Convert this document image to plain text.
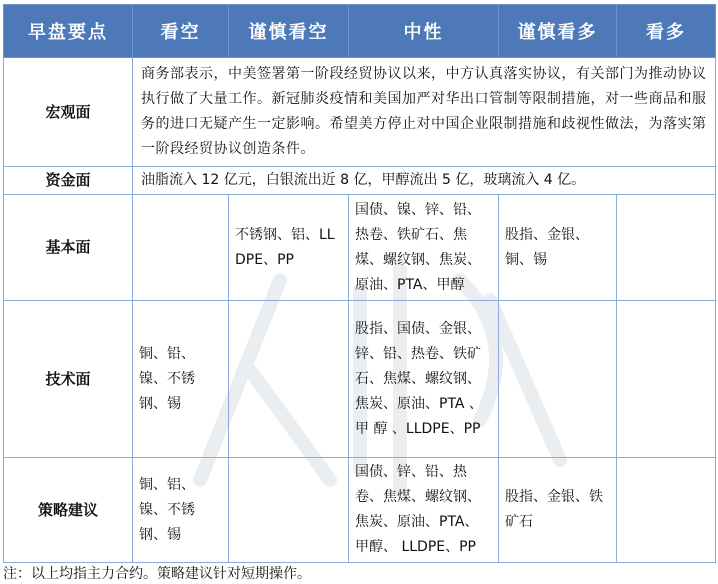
早盘要点	看空	谨慎看空	中性	谨慎看多	看多
宏观面	商务部表示，中美签署第一阶段经贸协议以来，中方认真落实协议，有关部门为推动协议执行做了大量工作。新冠肺炎疫情和美国加严对华出口管制等限制措施，对一些商品和服务的进口无疑产生一定影响。希望美方停止对中国企业限制措施和歧视性做法，为落实第一阶段经贸协议创造条件。				
资金面	油脂流入 12 亿元，白银流出近 8 亿，甲醇流出 5 亿，玻璃流入 4 亿。				
基本面		不锈钢、铝、LLDPE、PP	国债、镍、锌、铅、热卷、铁矿石、焦煤、螺纹钢、焦炭、原油、PTA、甲醇	股指、金银、铜、锡	
技术面	铜、铅、镍、不锈钢、锡		股指、国债、金银、锌、铅、热卷、铁矿石、焦煤、螺纹钢、焦炭、原油、PTA 、 甲 醇 、LLDPE、PP		
策略建议	铜、铝、镍、不锈钢、锡		国债、锌、铅、热卷、焦煤、螺纹钢、焦炭、原油、PTA、甲醇、 LLDPE、PP	股指、金银、铁矿石	
注：以上均指主力合约。策略建议针对短期操作。
